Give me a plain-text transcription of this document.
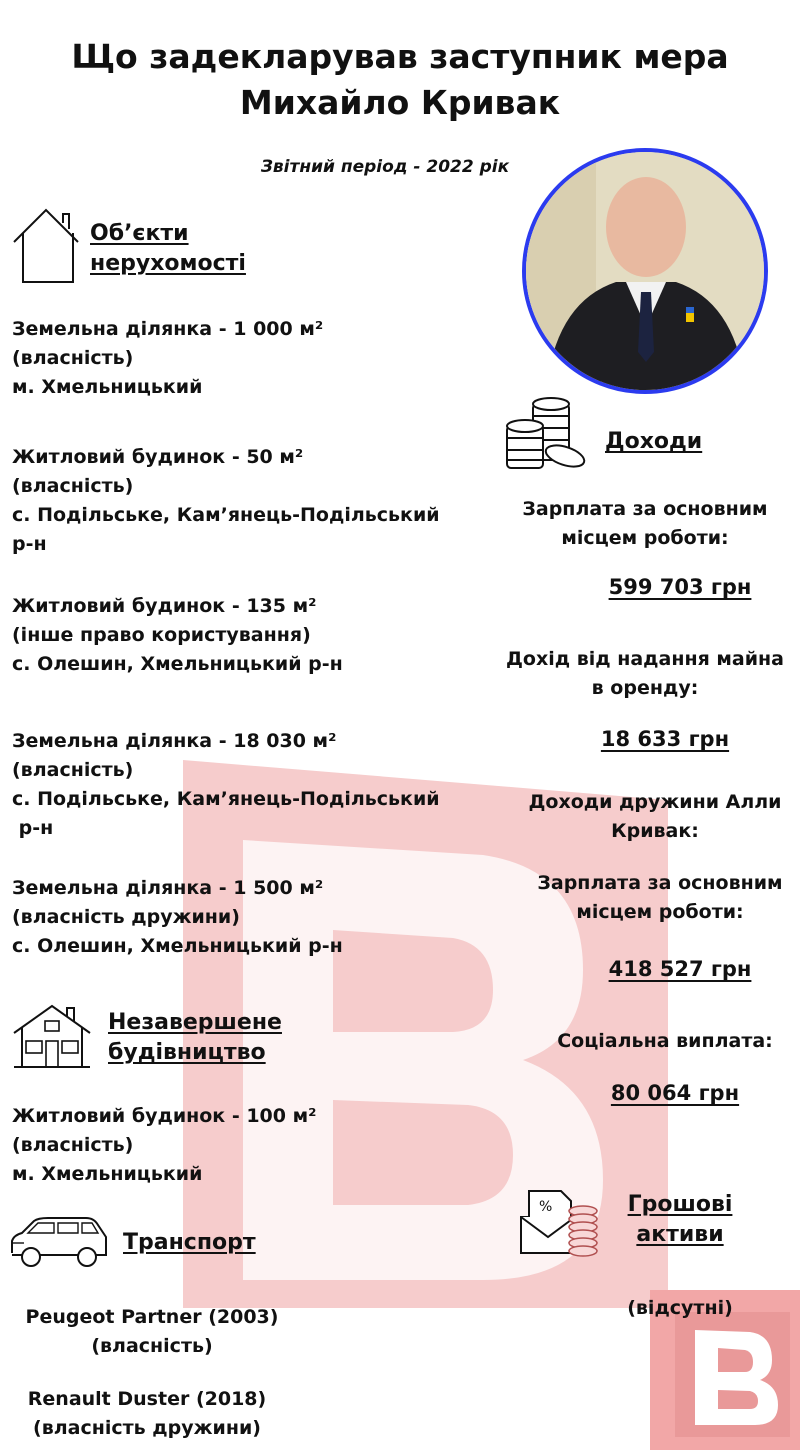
Що задекларував заступник мера
Михайло Кривак
Звітний період - 2022 рік
Об’єкти
нерухомості
Земельна ділянка - 1 000 м²
(власність)
м. Хмельницький
Житловий будинок - 50 м²
(власність)
с. Подільське, Кам’янець-Подільський
р-н
Житловий будинок - 135 м²
(інше право користування)
с. Олешин, Хмельницький р-н
Земельна ділянка - 18 030 м²
(власність)
с. Подільське, Кам’янець-Подільський
р-н
Земельна ділянка - 1 500 м²
(власність дружини)
с. Олешин, Хмельницький р-н
Незавершене
будівництво
Житловий будинок - 100 м²
(власність)
м. Хмельницький
Транспорт
Peugeot Partner (2003)
(власність)
Renault Duster (2018)
(власність дружини)
Доходи
Зарплата за основним
місцем роботи:
599 703 грн
Дохід від надання майна
в оренду:
18 633 грн
Доходи дружини Алли
Кривак:
Зарплата за основним
місцем роботи:
418 527 грн
Соціальна виплата:
80 064 грн
%	Грошові
активи
(відсутні)
